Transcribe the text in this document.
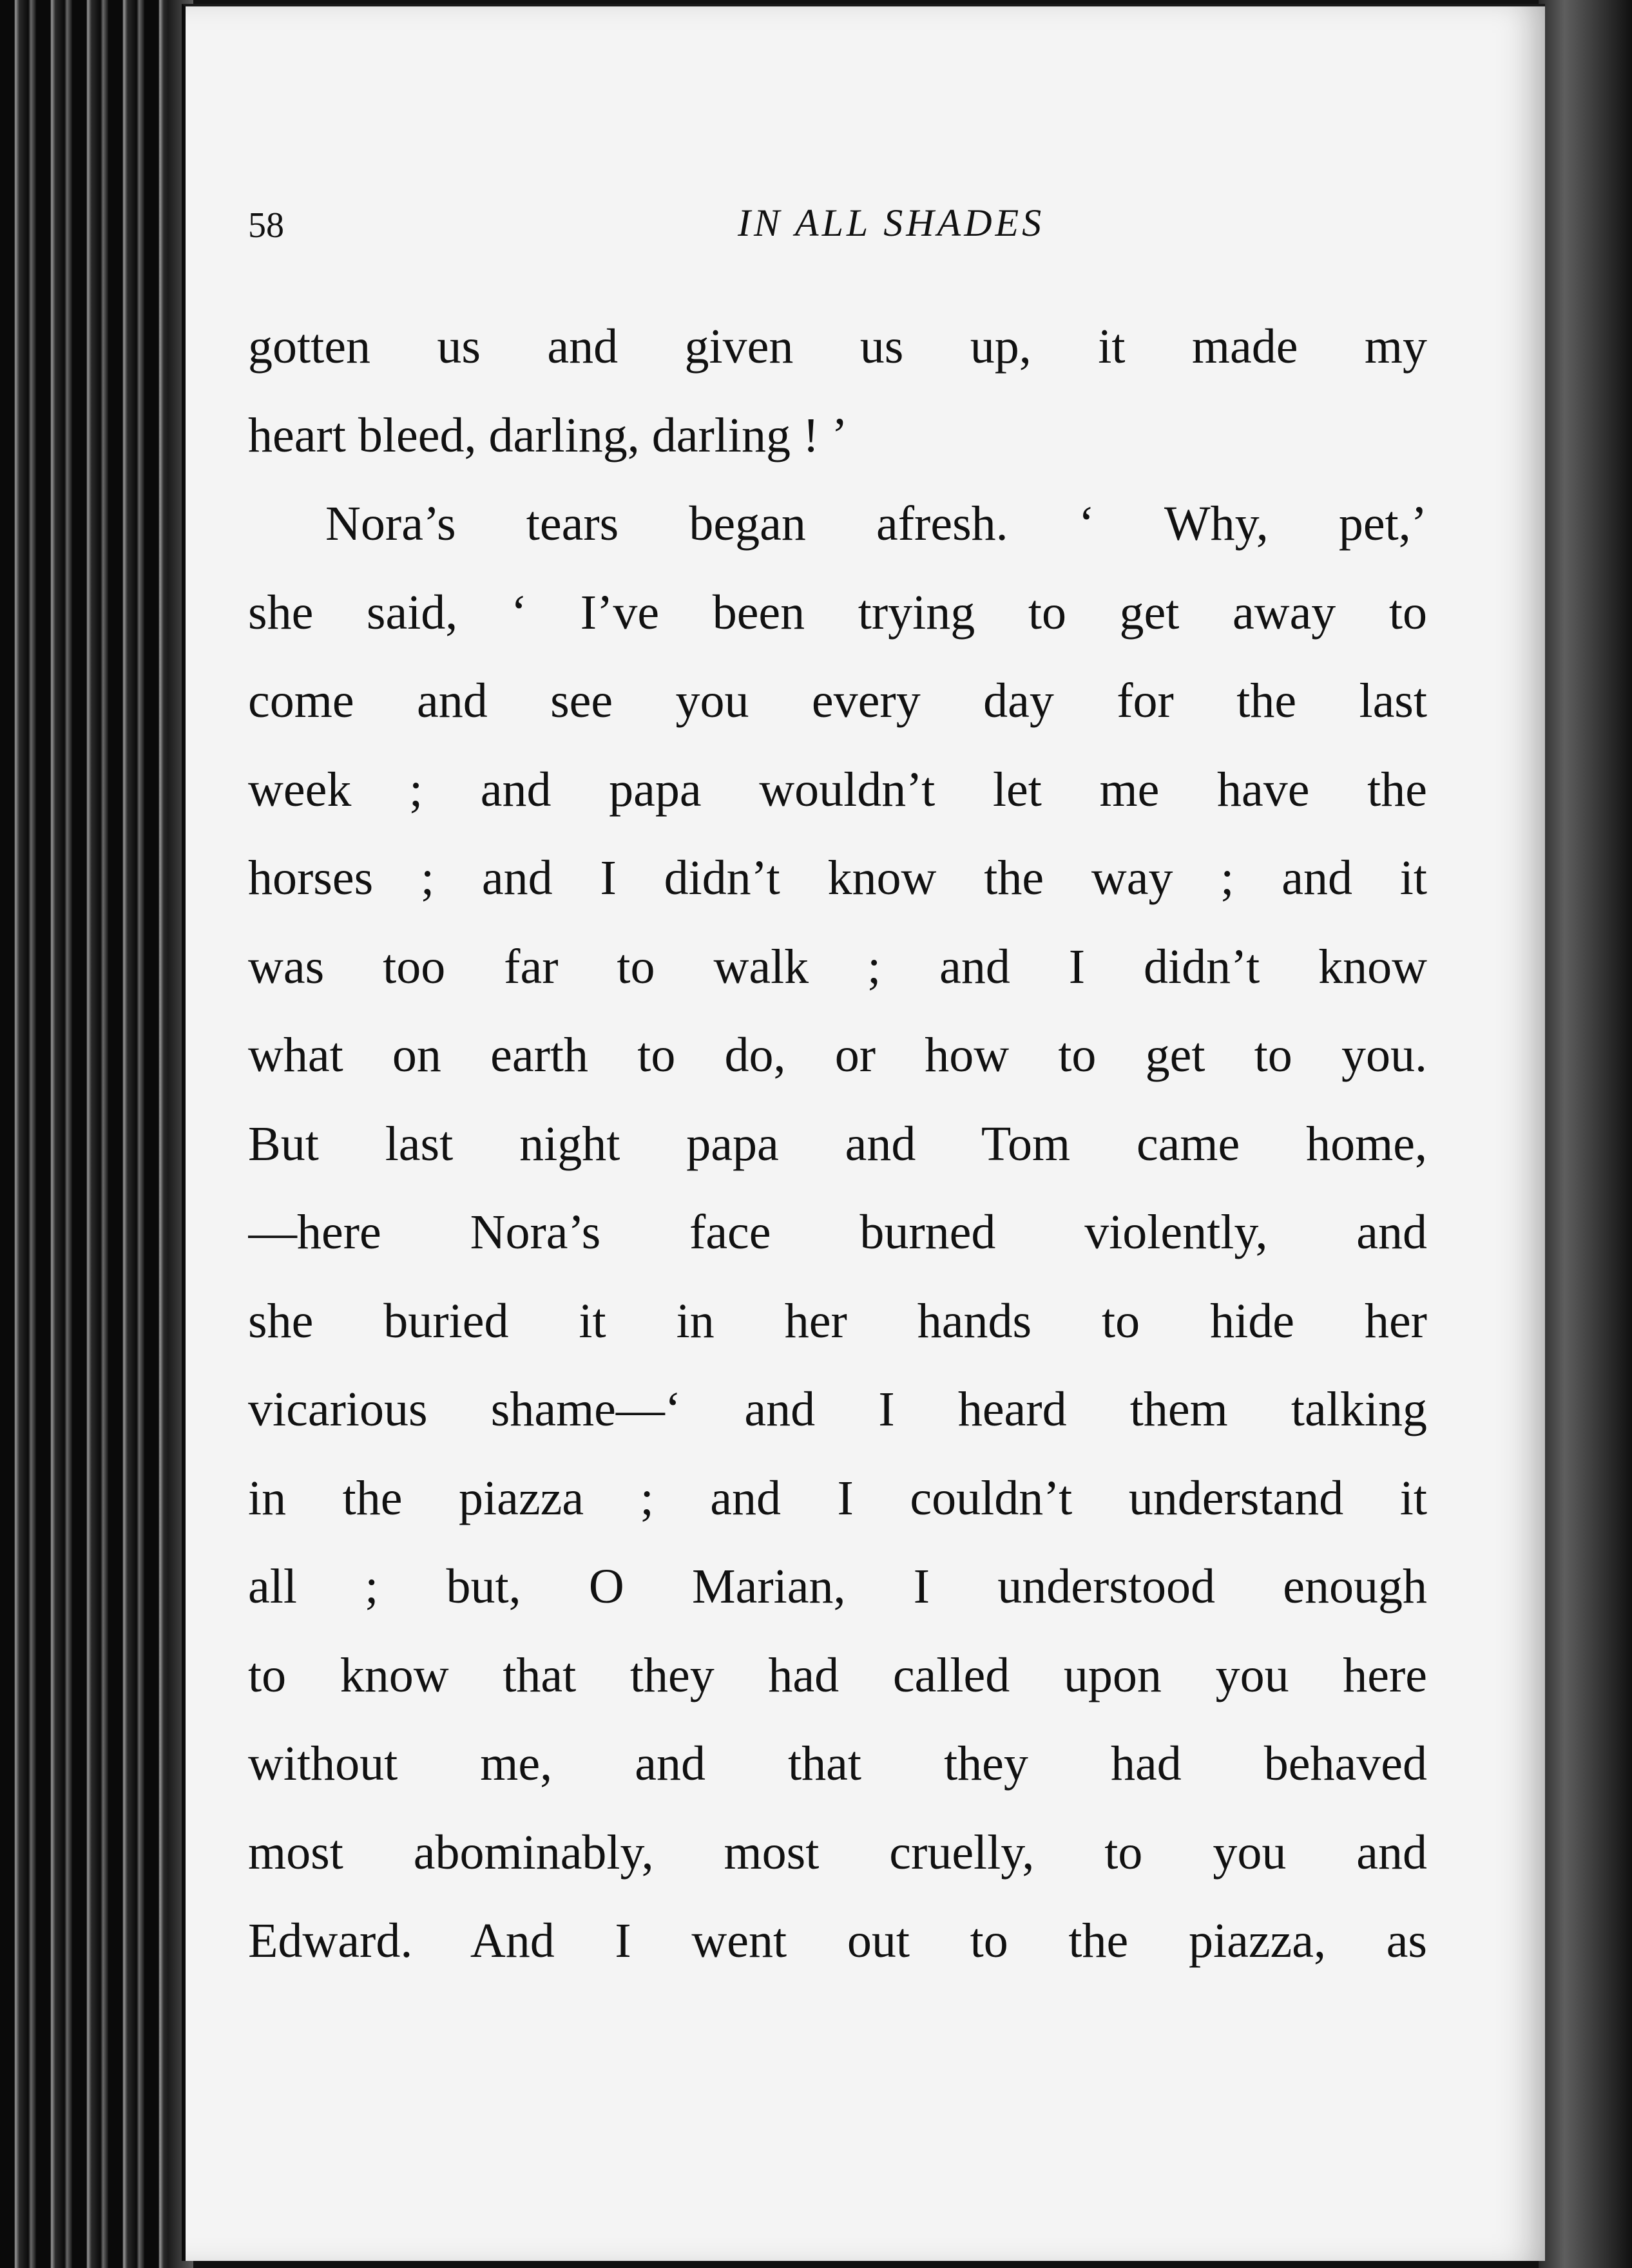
58	IN ALL SHADES
gotten us and given us up, it made my
heart bleed, darling, darling ! ’
Nora’s tears began afresh. ‘ Why, pet,’
she said, ‘ I’ve been trying to get away to
come and see you every day for the last
week ; and papa wouldn’t let me have the
horses ; and I didn’t know the way ; and it
was too far to walk ; and I didn’t know
what on earth to do, or how to get to you.
But last night papa and Tom came home,
—here Nora’s face burned violently, and
she buried it in her hands to hide her
vicarious shame—‘ and I heard them talking
in the piazza ; and I couldn’t understand it
all ; but, O Marian, I understood enough
to know that they had called upon you here
without me, and that they had behaved
most abominably, most cruelly, to you and
Edward. And I went out to the piazza, as
